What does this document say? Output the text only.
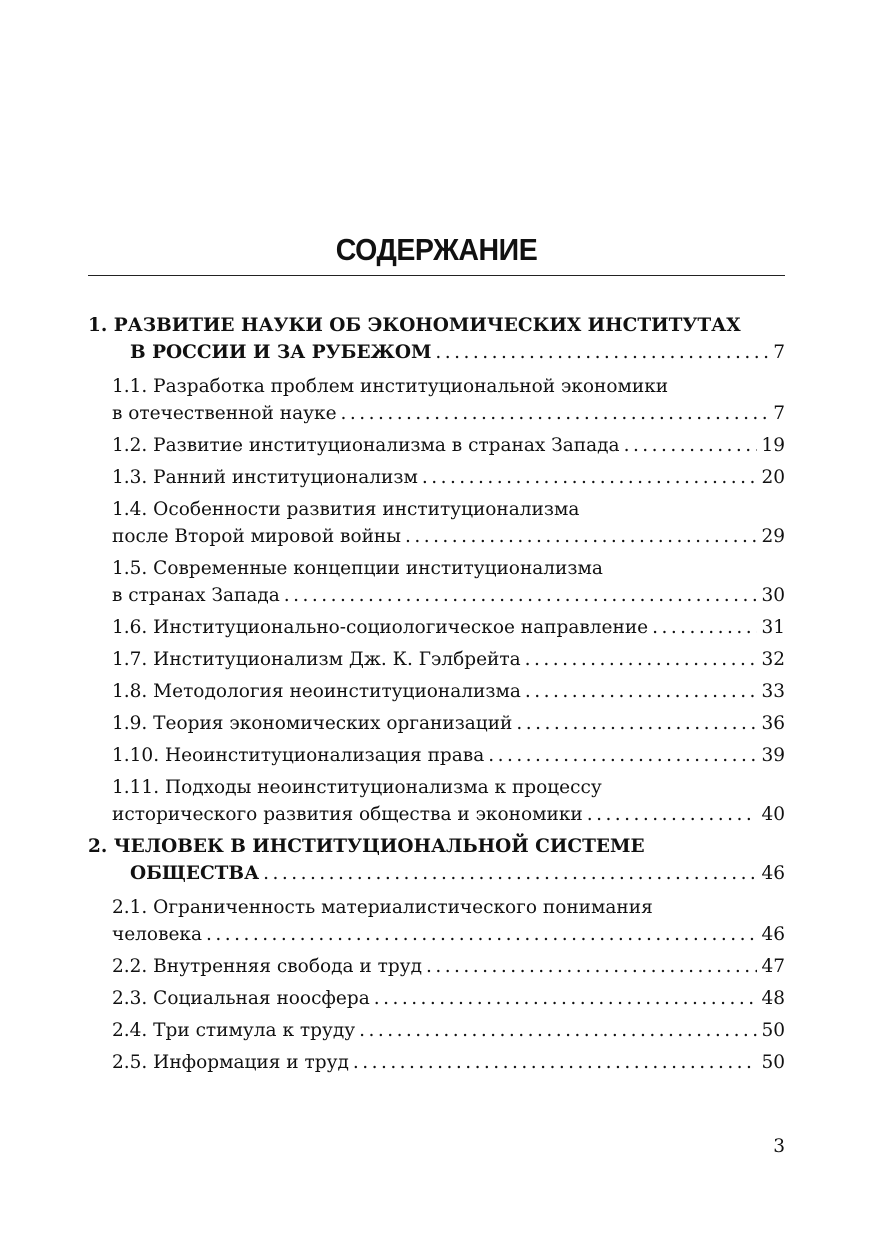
СОДЕРЖАНИЕ
1. РАЗВИТИЕ НАУКИ ОБ ЭКОНОМИЧЕСКИХ ИНСТИТУТАХ
В РОССИИ И ЗА РУБЕЖОМ . . .	7
1.1. Разработка проблем институциональной экономики
в отечественной науке . . .	7
1.2. Развитие институционализма в странах Запада . . .	19
1.3. Ранний институционализм . . .	20
1.4. Особенности развития институционализма
после Второй мировой войны . . .	29
1.5. Современные концепции институционализма
в странах Запада . . .	30
1.6. Институционально-социологическое направление . . .	31
1.7. Институционализм Дж. К. Гэлбрейта . . .	32
1.8. Методология неоинституционализма . . .	33
1.9. Теория экономических организаций . . .	36
1.10. Неоинституционализация права . . .	39
1.11. Подходы неоинституционализма к процессу
исторического развития общества и экономики . . .	40
2. ЧЕЛОВЕК В ИНСТИТУЦИОНАЛЬНОЙ СИСТЕМЕ
ОБЩЕСТВА . . .	46
2.1. Ограниченность материалистического понимания
человека . . .	46
2.2. Внутренняя свобода и труд . . .	47
2.3. Социальная ноосфера . . .	48
2.4. Три стимула к труду . . .	50
2.5. Информация и труд . . .	50
3
